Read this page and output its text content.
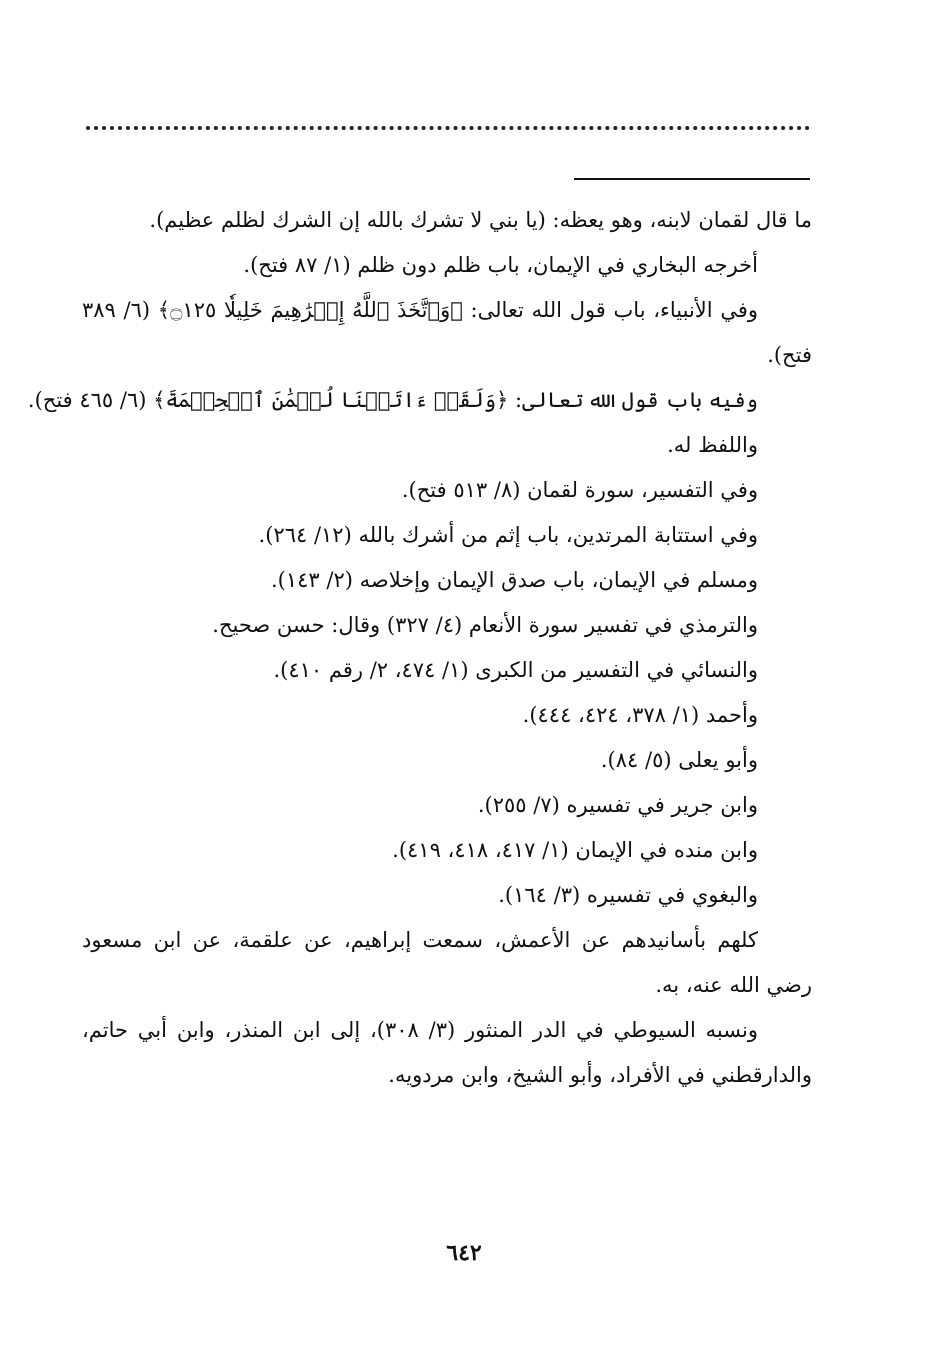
ما قال لقمان لابنه، وهو يعظه: (يا بني لا تشرك بالله إن الشرك لظلم عظيم).
أخرجه البخاري في الإيمان، باب ظلم دون ظلم (١/ ٨٧ فتح).
وفي الأنبياء، باب قول الله تعالى: ﴿وَٱتَّخَذَ ٱللَّهُ إِبۡرَٰهِيمَ خَلِيلٗا ۝١٢٥﴾ (٦/ ٣٨٩
فتح).
وفيه باب قول الله تعالى: ﴿وَلَقَدۡ ءَاتَيۡنَا لُقۡمَٰنَ ٱلۡحِكۡمَةَ﴾ (٦/ ٤٦٥ فتح).
واللفظ له.
وفي التفسير، سورة لقمان (٨/ ٥١٣ فتح).
وفي استتابة المرتدين، باب إثم من أشرك بالله (١٢/ ٢٦٤).
ومسلم في الإيمان، باب صدق الإيمان وإخلاصه (٢/ ١٤٣).
والترمذي في تفسير سورة الأنعام (٤/ ٣٢٧) وقال: حسن صحيح.
والنسائي في التفسير من الكبرى (١/ ٤٧٤، ٢/ رقم ٤١٠).
وأحمد (١/ ٣٧٨، ٤٢٤، ٤٤٤).
وأبو يعلى (٥/ ٨٤).
وابن جرير في تفسيره (٧/ ٢٥٥).
وابن منده في الإيمان (١/ ٤١٧، ٤١٨، ٤١٩).
والبغوي في تفسيره (٣/ ١٦٤).
كلهم بأسانيدهم عن الأعمش، سمعت إبراهيم، عن علقمة، عن ابن مسعود
رضي الله عنه، به.
ونسبه السيوطي في الدر المنثور (٣/ ٣٠٨)، إلى ابن المنذر، وابن أبي حاتم،
والدارقطني في الأفراد، وأبو الشيخ، وابن مردويه.
٦٤٢
